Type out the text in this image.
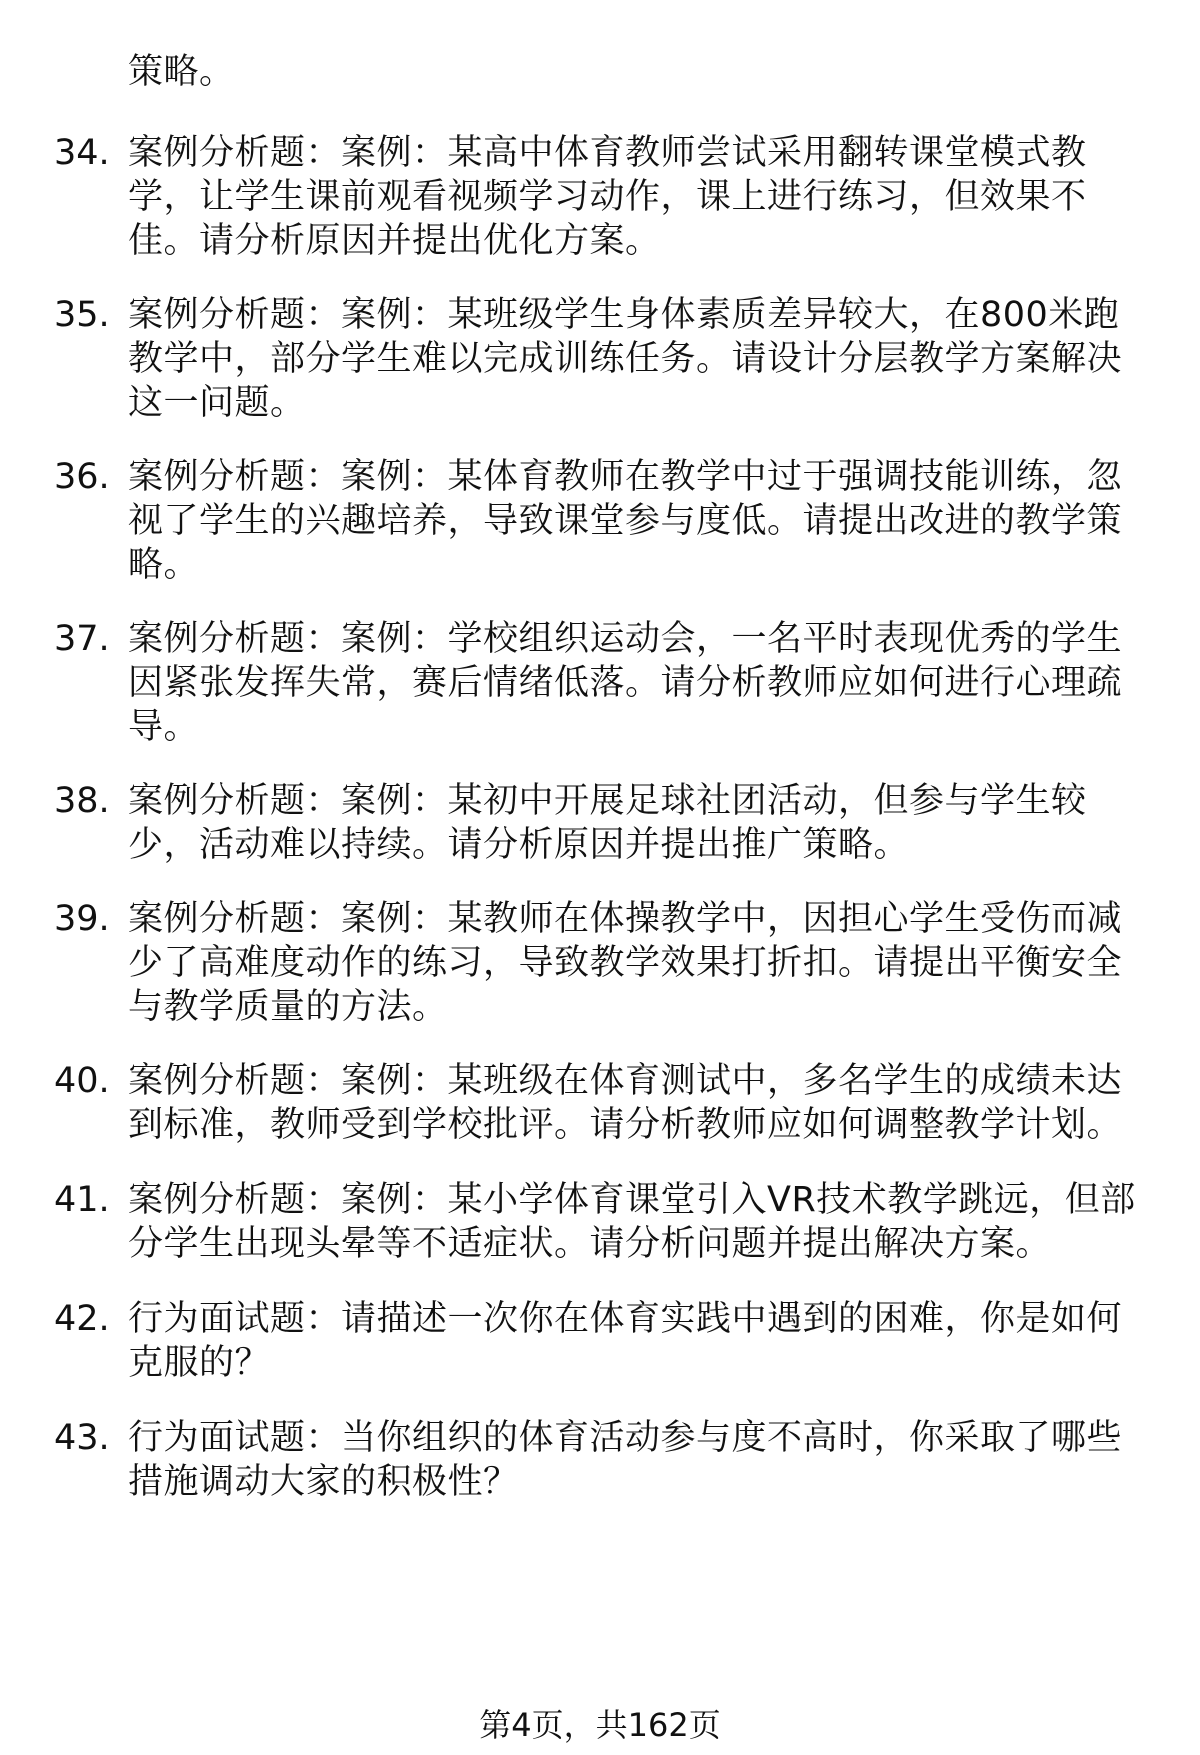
策略。
34. 案例分析题：案例：某高中体育教师尝试采用翻转课堂模式教
学，让学生课前观看视频学习动作，课上进行练习，但效果不
佳。请分析原因并提出优化方案。
35. 案例分析题：案例：某班级学生身体素质差异较大，在800米跑
教学中，部分学生难以完成训练任务。请设计分层教学方案解决
这一问题。
36. 案例分析题：案例：某体育教师在教学中过于强调技能训练，忽
视了学生的兴趣培养，导致课堂参与度低。请提出改进的教学策
略。
37. 案例分析题：案例：学校组织运动会，一名平时表现优秀的学生
因紧张发挥失常，赛后情绪低落。请分析教师应如何进行心理疏
导。
38. 案例分析题：案例：某初中开展足球社团活动，但参与学生较
少，活动难以持续。请分析原因并提出推广策略。
39. 案例分析题：案例：某教师在体操教学中，因担心学生受伤而减
少了高难度动作的练习，导致教学效果打折扣。请提出平衡安全
与教学质量的方法。
40. 案例分析题：案例：某班级在体育测试中，多名学生的成绩未达
到标准，教师受到学校批评。请分析教师应如何调整教学计划。
41. 案例分析题：案例：某小学体育课堂引入VR技术教学跳远，但部
分学生出现头晕等不适症状。请分析问题并提出解决方案。
42. 行为面试题：请描述一次你在体育实践中遇到的困难，你是如何
克服的？
43. 行为面试题：当你组织的体育活动参与度不高时，你采取了哪些
措施调动大家的积极性？
第4页，共162页
